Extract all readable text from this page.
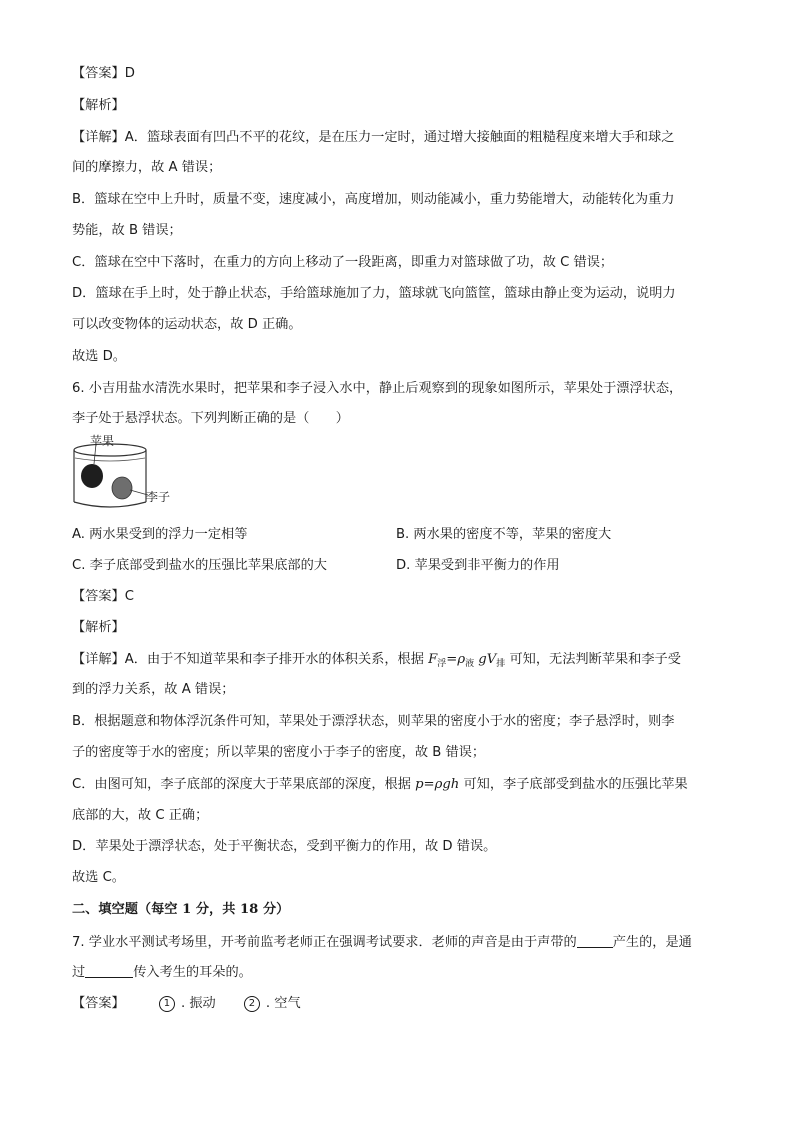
【答案】D
【解析】
【详解】A．篮球表面有凹凸不平的花纹，是在压力一定时，通过增大接触面的粗糙程度来增大手和球之
间的摩擦力，故 A 错误；
B．篮球在空中上升时，质量不变，速度减小，高度增加，则动能减小，重力势能增大，动能转化为重力
势能，故 B 错误；
C．篮球在空中下落时，在重力的方向上移动了一段距离，即重力对篮球做了功，故 C 错误；
D．篮球在手上时，处于静止状态，手给篮球施加了力，篮球就飞向篮筐，篮球由静止变为运动，说明力
可以改变物体的运动状态，故 D 正确。
故选 D。
6. 小吉用盐水清洗水果时，把苹果和李子浸入水中，静止后观察到的现象如图所示，苹果处于漂浮状态，
李子处于悬浮状态。下列判断正确的是（　　）
苹果
李子
A. 两水果受到的浮力一定相等	B. 两水果的密度不等，苹果的密度大
C. 李子底部受到盐水的压强比苹果底部的大	D. 苹果受到非平衡力的作用
【答案】C
【解析】
【详解】A．由于不知道苹果和李子排开水的体积关系，根据 $F_浮=\rho_液$ $gV_排$ 可知，无法判断苹果和李子受
到的浮力关系，故 A 错误；
B．根据题意和物体浮沉条件可知，苹果处于漂浮状态，则苹果的密度小于水的密度；李子悬浮时，则李
子的密度等于水的密度；所以苹果的密度小于李子的密度，故 B 错误；
C．由图可知，李子底部的深度大于苹果底部的深度，根据 p=ρgh 可知，李子底部受到盐水的压强比苹果
底部的大，故 C 正确；
D．苹果处于漂浮状态，处于平衡状态，受到平衡力的作用，故 D 错误。
故选 C。
二、填空题（每空 1 分，共 18 分）
7. 学业水平测试考场里，开考前监考老师正在强调考试要求．老师的声音是由于声带的	产生的，是通
过	传入考生的耳朵的。
【答案】	1 . 振动	2 . 空气
